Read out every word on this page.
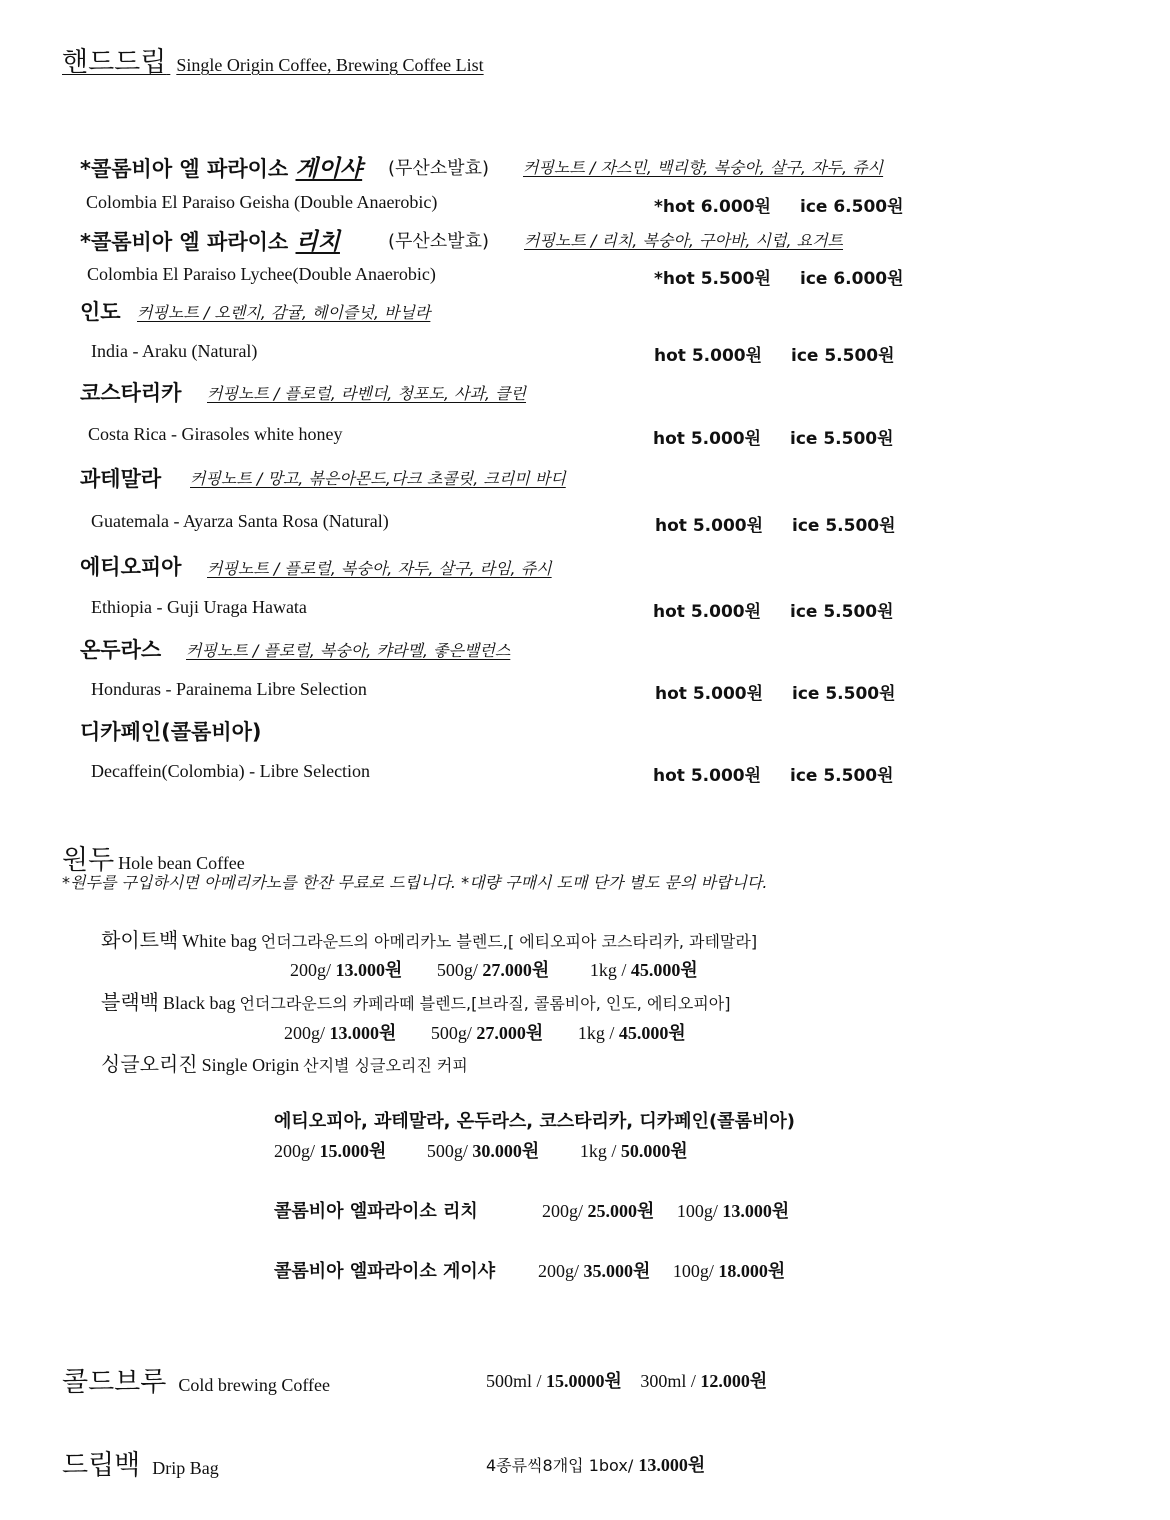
핸드드립 Single Origin Coffee, Brewing Coffee List
*콜롬비아 엘 파라이소 게이샤 (무산소발효) 커핑노트 / 자스민, 백리향, 복숭아, 살구, 자두, 쥬시
Colombia El Paraiso Geisha (Double Anaerobic)	*hot 6.000원 ice 6.500원
*콜롬비아 엘 파라이소 리치	(무산소발효) 커핑노트 / 리치, 복숭아, 구아바, 시럽, 요거트
Colombia El Paraiso Lychee(Double Anaerobic)	*hot 5.500원 ice 6.000원
인도 커핑노트 / 오렌지, 감귤, 헤이즐넛, 바닐라
India - Araku (Natural)	hot 5.000원 ice 5.500원
코스타리카 커핑노트 / 플로럴, 라벤더, 청포도, 사과, 클린
Costa Rica - Girasoles white honey	hot 5.000원 ice 5.500원
과테말라 커핑노트 / 망고, 볶은아몬드,다크 초콜릿, 크리미 바디
Guatemala - Ayarza Santa Rosa (Natural)	hot 5.000원 ice 5.500원
에티오피아 커핑노트 / 플로럴, 복숭아, 자두, 살구, 라임, 쥬시
Ethiopia - Guji Uraga Hawata	hot 5.000원 ice 5.500원
온두라스 커핑노트 / 플로럴, 복숭아, 캬라멜, 좋은밸런스
Honduras - Parainema Libre Selection	hot 5.000원 ice 5.500원
디카페인(콜롬비아)
Decaffein(Colombia) - Libre Selection	hot 5.000원 ice 5.500원
원두 Hole bean Coffee
*원두를 구입하시면 아메리카노를 한잔 무료로 드립니다. *대량 구매시 도매 단가 별도 문의 바랍니다.
화이트백 White bag 언더그라운드의 아메리카노 블렌드,[ 에티오피아 코스타리카, 과테말라]
200g/ 13.000원 500g/ 27.000원 1kg / 45.000원
블랙백 Black bag 언더그라운드의 카페라떼 블렌드,[브라질, 콜롬비아, 인도, 에티오피아]
200g/ 13.000원 500g/ 27.000원 1kg / 45.000원
싱글오리진 Single Origin 산지별 싱글오리진 커피
에티오피아, 과테말라, 온두라스, 코스타리카, 디카페인(콜롬비아)
200g/ 15.000원 500g/ 30.000원 1kg / 50.000원
콜롬비아 엘파라이소 리치	200g/ 25.000원 100g/ 13.000원
콜롬비아 엘파라이소 게이샤 200g/ 35.000원 100g/ 18.000원
콜드브루 Cold brewing Coffee	500ml / 15.0000원 300ml / 12.000원
드립백 Drip Bag	4종류씩8개입 1box/ 13.000원
